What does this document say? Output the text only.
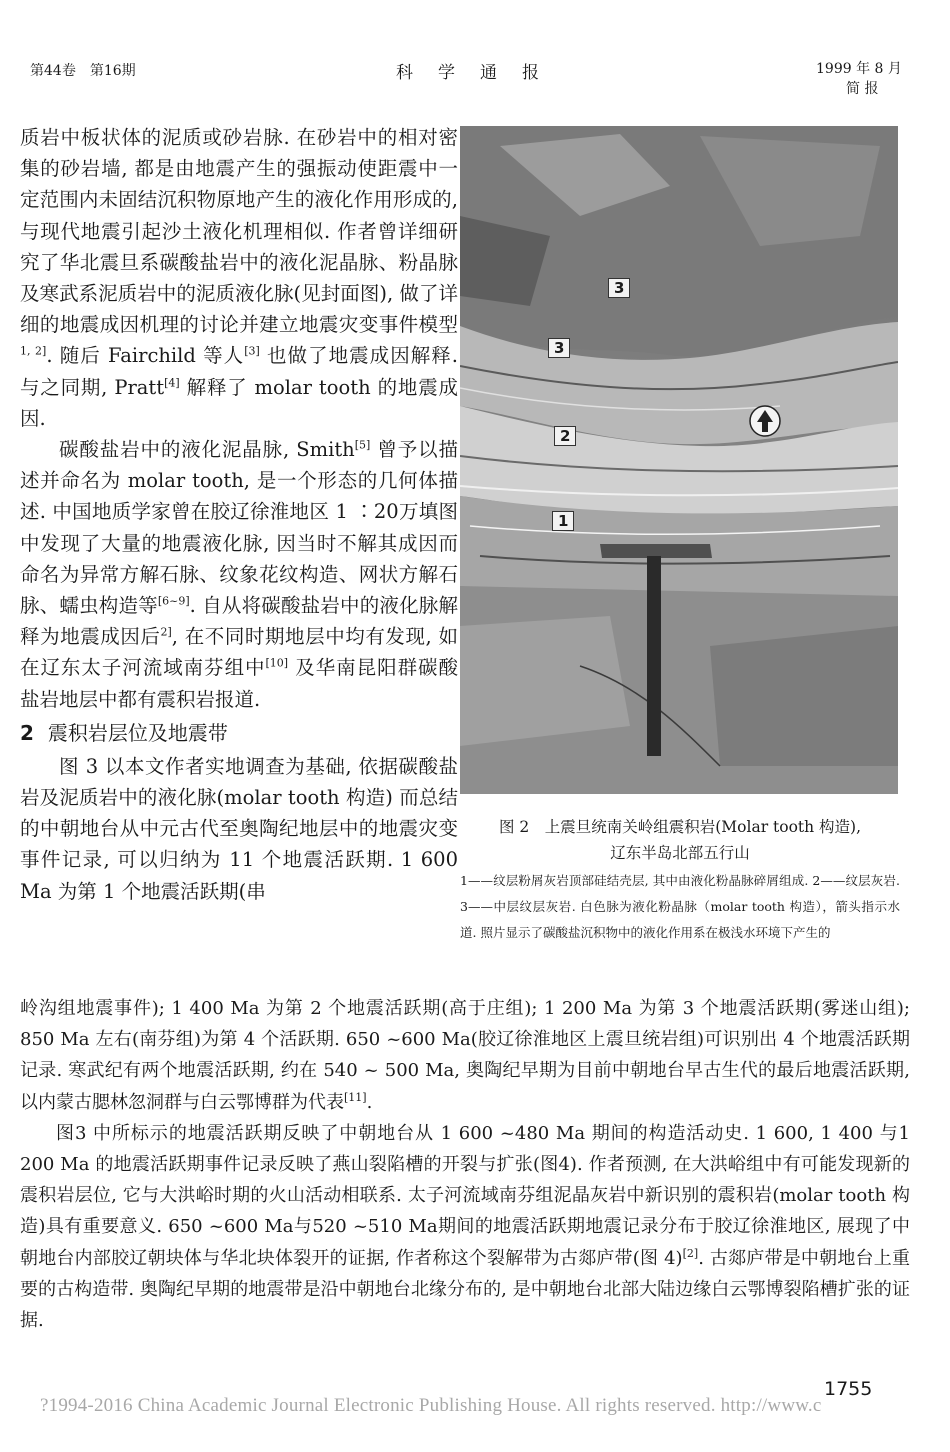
第44卷　第16期	科　学　通　报	1999 年 8 月
简 报

质岩中板状体的泥质或砂岩脉. 在砂岩中的相对密集的砂岩墙, 都是由地震产生的强振动使距震中一定范围内未固结沉积物原地产生的液化作用形成的, 与现代地震引起沙土液化机理相似. 作者曾详细研究了华北震旦系碳酸盐岩中的液化泥晶脉、粉晶脉及寒武系泥质岩中的泥质液化脉(见封面图), 做了详细的地震成因机理的讨论并建立地震灾变事件模型$^{1, 2]}$. 随后 Fairchild 等人[3] 也做了地震成因解释. 与之同期, Pratt[4] 解释了 molar tooth 的地震成因.

碳酸盐岩中的液化泥晶脉, Smith[5] 曾予以描述并命名为 molar tooth, 是一个形态的几何体描述. 中国地质学家曾在胶辽徐淮地区 1 ∶20万填图中发现了大量的地震液化脉, 因当时不解其成因而命名为异常方解石脉、纹象花纹构造、网状方解石脉、蠕虫构造等[6~9]. 自从将碳酸盐岩中的液化脉解释为地震成因后$^{2]}$, 在不同时期地层中均有发现, 如在辽东太子河流域南芬组中[10] 及华南昆阳群碳酸盐岩地层中都有震积岩报道.

2 震积岩层位及地震带

图 3 以本文作者实地调查为基础, 依据碳酸盐岩及泥质岩中的液化脉(molar tooth 构造) 而总结的中朝地台从中元古代至奥陶纪地层中的地震灾变事件记录, 可以归纳为 11 个地震活跃期. 1 600 Ma 为第 1 个地震活跃期(串

3
3
2
1

图 2　上震旦统南关岭组震积岩(Molar tooth 构造),

辽东半岛北部五行山

1——纹层粉屑灰岩顶部硅结壳层, 其中由液化粉晶脉碎屑组成. 2——纹层灰岩. 3——中层纹层灰岩. 白色脉为液化粉晶脉（molar tooth 构造），箭头指示水道. 照片显示了碳酸盐沉积物中的液化作用系在极浅水环境下产生的

岭沟组地震事件); 1 400 Ma 为第 2 个地震活跃期(高于庄组); 1 200 Ma 为第 3 个地震活跃期(雾迷山组); 850 Ma 左右(南芬组)为第 4 个活跃期. 650 ~600 Ma(胶辽徐淮地区上震旦统岩组)可识别出 4 个地震活跃期记录. 寒武纪有两个地震活跃期, 约在 540 ~ 500 Ma, 奥陶纪早期为目前中朝地台早古生代的最后地震活跃期, 以内蒙古腮林忽洞群与白云鄂博群为代表[11].

图3 中所标示的地震活跃期反映了中朝地台从 1 600 ~480 Ma 期间的构造活动史. 1 600, 1 400 与1 200 Ma 的地震活跃期事件记录反映了燕山裂陷槽的开裂与扩张(图4). 作者预测, 在大洪峪组中有可能发现新的震积岩层位, 它与大洪峪时期的火山活动相联系. 太子河流域南芬组泥晶灰岩中新识别的震积岩(molar tooth 构造)具有重要意义. 650 ~600 Ma与520 ~510 Ma期间的地震活跃期地震记录分布于胶辽徐淮地区, 展现了中朝地台内部胶辽朝块体与华北块体裂开的证据, 作者称这个裂解带为古郯庐带(图 4)[2]. 古郯庐带是中朝地台上重要的古构造带. 奥陶纪早期的地震带是沿中朝地台北缘分布的, 是中朝地台北部大陆边缘白云鄂博裂陷槽扩张的证据.

1755
?1994-2016 China Academic Journal Electronic Publishing House. All rights reserved. http://www.c
